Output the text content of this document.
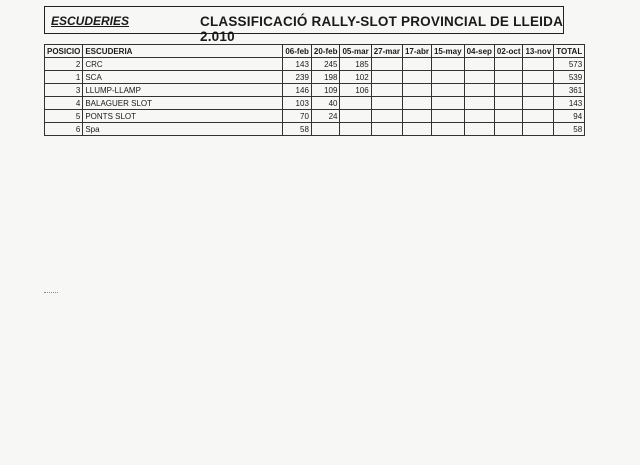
ESCUDERIES	CLASSIFICACIÓ RALLY-SLOT PROVINCIAL DE LLEIDA 2.010
POSICIO	ESCUDERIA	06-feb	20-feb	05-mar	27-mar	17-abr	15-may	04-sep	02-oct	13-nov	TOTAL
2	CRC	143	245	185							573
1	SCA	239	198	102							539
3	LLUMP-LLAMP	146	109	106							361
4	BALAGUER SLOT	103	40								143
5	PONTS SLOT	70	24								94
6	Spa	58									58
